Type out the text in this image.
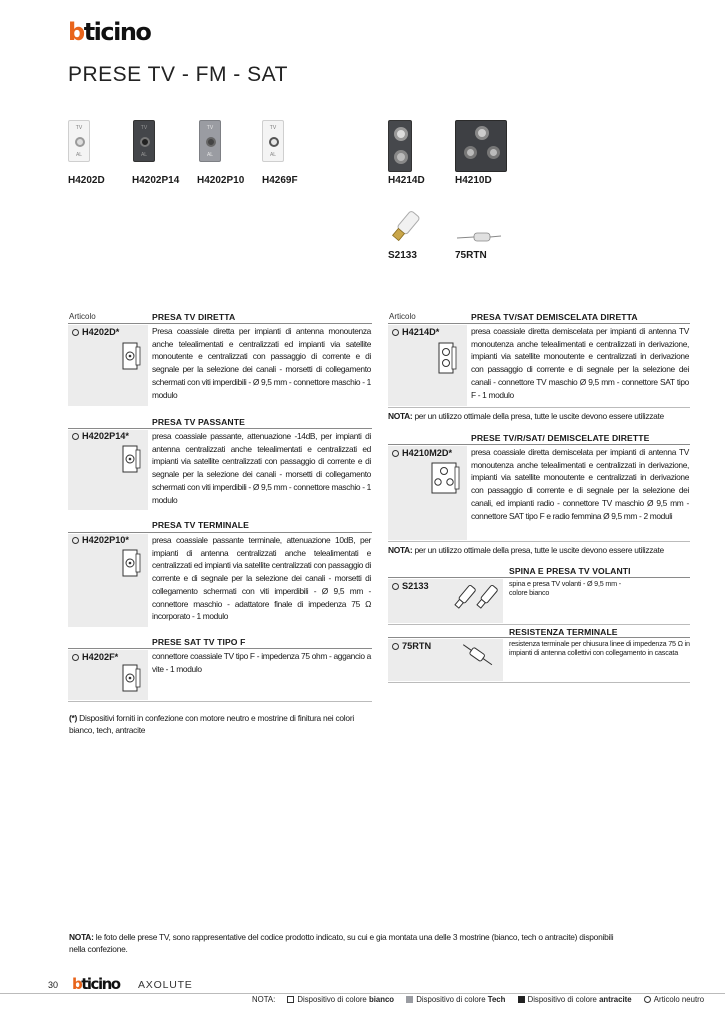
bticino
PRESE TV - FM - SAT
TV
AL
TV
AL
TV
AL
TV
AL
H4202D	H4202P14 H4202P10 H4269F	H4214D	H4210D
S2133	75RTN
Articolo	PRESA TV DIRETTA
H4202D*	Presa coassiale diretta per impianti di antenna monoutenza anche telealimentati e centralizzati ed impianti via satellite monoutente e centralizzati con passaggio di corrente e di segnale per la selezione dei canali - morsetti di collegamento schermati con viti imperdibili - Ø 9,5 mm - connettore maschio - 1 modulo
PRESA TV PASSANTE
H4202P14*	presa coassiale passante, attenuazione -14dB, per impianti di antenna centralizzati anche telealimentati e centralizzati ed impianti via satellite centralizzati con passaggio di corrente e di segnale per la selezione dei canali - morsetti di collegamento schermati con viti imperdibili - Ø 9,5 mm - connettore maschio - 1 modulo
PRESA TV TERMINALE
H4202P10*	presa coassiale passante terminale, attenuazione 10dB, per impianti di antenna centralizzati anche telealimentati e centralizzati ed impianti via satellite centralizzati con passaggio di corrente e di segnale per la selezione dei canali - morsetti di collegamento schermati con viti imperdibili - Ø 9,5 mm - connettore maschio - adattatore finale di impedenza 75 Ω incorporato - 1 modulo
PRESE SAT TV TIPO F
H4202F*	connettore coassiale TV tipo F - impedenza 75 ohm - aggancio a vite - 1 modulo
(*) Dispositivi forniti in confezione con motore neutro e mostrine di finitura nei colori bianco, tech, antracite
Articolo	PRESA TV/SAT DEMISCELATA DIRETTA
H4214D*	presa coassiale diretta demiscelata per impianti di antenna TV monoutenza anche telealimentati e centralizzati in derivazione, impianti via satellite monoutente e centralizzati in derivazione con passaggio di corrente e di segnale per la selezione dei canali - connettore TV maschio Ø 9,5 mm - connettore SAT tipo F - 1 modulo
NOTA: per un utilizzo ottimale della presa, tutte le uscite devono essere utilizzate
PRESE TV/R/SAT/ DEMISCELATE DIRETTE
H4210M2D* presa coassiale diretta demiscelata per impianti di antenna TV monoutenza anche telealimentati e centralizzati in derivazione, impianti via satellite monoutente e centralizzati in derivazione con passaggio di corrente e di segnale per la selezione dei canali, ed impianti radio - connettore TV maschio Ø 9,5 mm - connettore SAT tipo F e radio femmina Ø 9,5 mm - 2 moduli
NOTA: per un utilizzo ottimale della presa, tutte le uscite devono essere utilizzate
SPINA E PRESA TV VOLANTI
S2133	spina e presa TV volanti - Ø 9,5 mm - colore bianco
RESISTENZA TERMINALE
75RTN	resistenza terminale per chiusura linee di impedenza 75 Ω in impianti di antenna collettivi con collegamento in cascata
NOTA: le foto delle prese TV, sono rappresentative del codice prodotto indicato, su cui e gia montata una delle 3 mostrine (bianco, tech o antracite) disponibili nella confezione.
30 bticino AXOLUTE
NOTA:	Dispositivo di colore bianco	Dispositivo di colore Tech	Dispositivo di colore antracite	Articolo neutro
